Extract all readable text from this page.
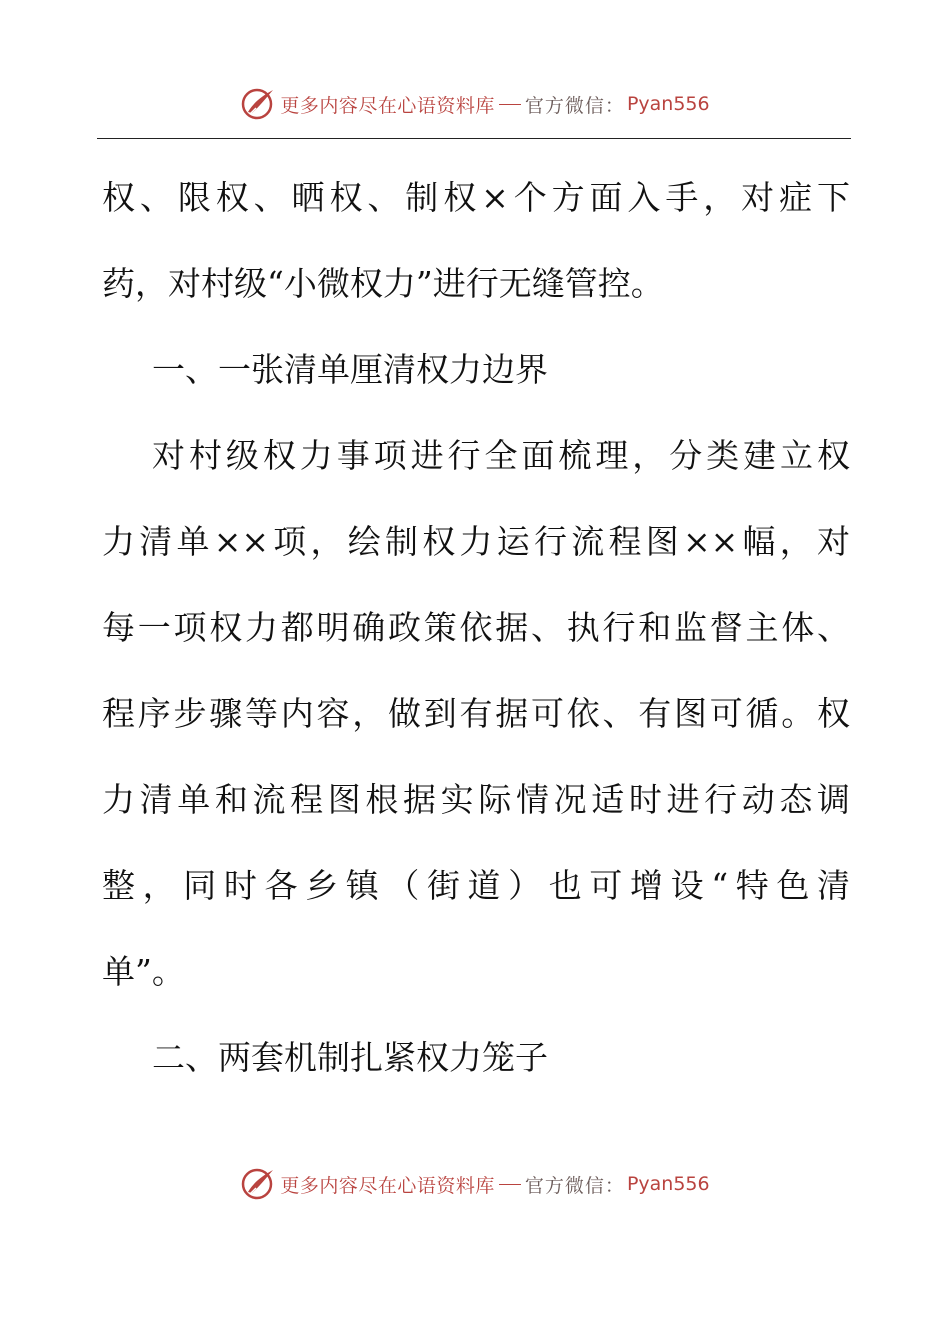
更多内容尽在心语资料库 官方微信： Pyan556

权、限权、晒权、制权×个方面入手，对症下

药，对村级“小微权力”进行无缝管控。

一、一张清单厘清权力边界

对村级权力事项进行全面梳理，分类建立权

力清单××项，绘制权力运行流程图××幅，对

每一项权力都明确政策依据、执行和监督主体、

程序步骤等内容，做到有据可依、有图可循。权

力清单和流程图根据实际情况适时进行动态调

整，同时各乡镇（街道）也可增设“特色清

单”。

二、两套机制扎紧权力笼子

更多内容尽在心语资料库 官方微信： Pyan556
